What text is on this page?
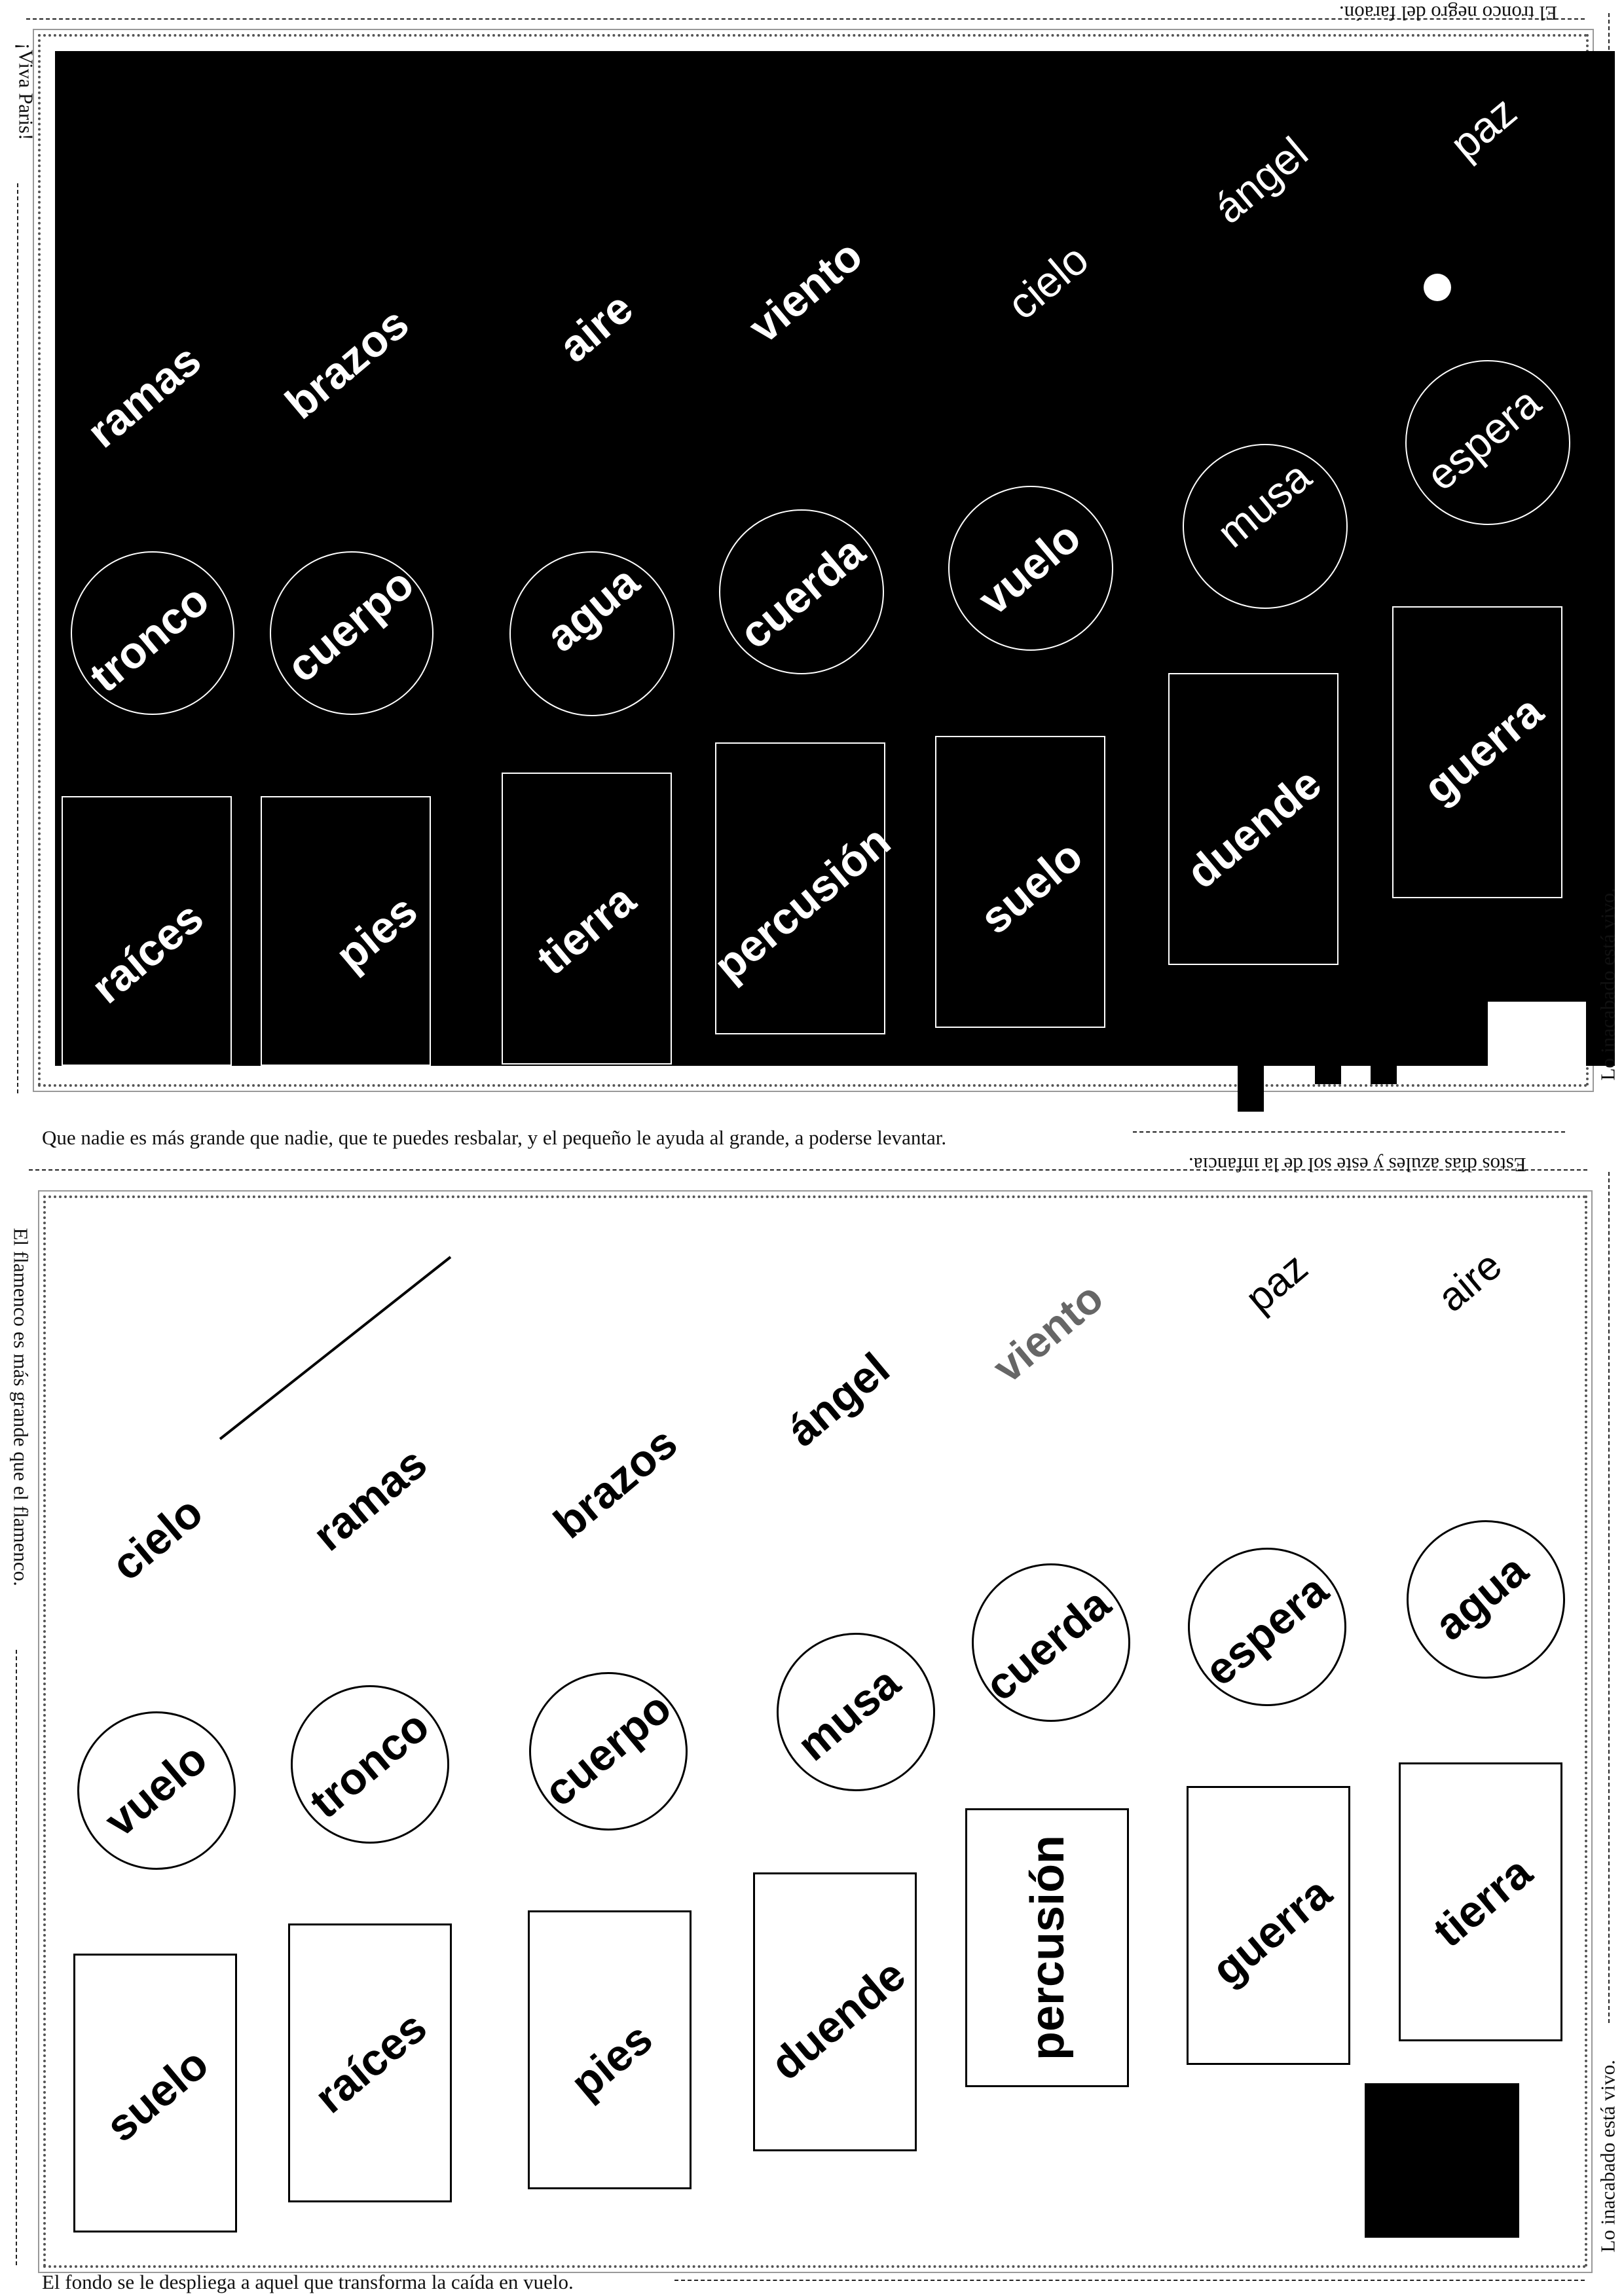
El tronco negro del faraón.
¡Viva Paris!
Lo inacabado está vivo.
Que nadie es más grande que nadie, que te puedes resbalar, y el pequeño le ayuda al grande, a poderse levantar.
ramas brazos	aire viento	cielo
ángel	paz
tronco cuerpo	agua cuerda vuelo
musa
espera
raíces	pies tierra percusión suelo duende
guerra
Estos días azules y este sol de la infancia.
El flamenco es más grande que el flamenco.
Lo inacabado está vivo.
El fondo se le despliega a aquel que transforma la caída en vuelo.
cielo ramas brazos
ángel
viento	paz	aire
vuelo tronco cuerpo musa
cuerda espera agua
suelo raíces	pies duende percusión	guerra tierra
